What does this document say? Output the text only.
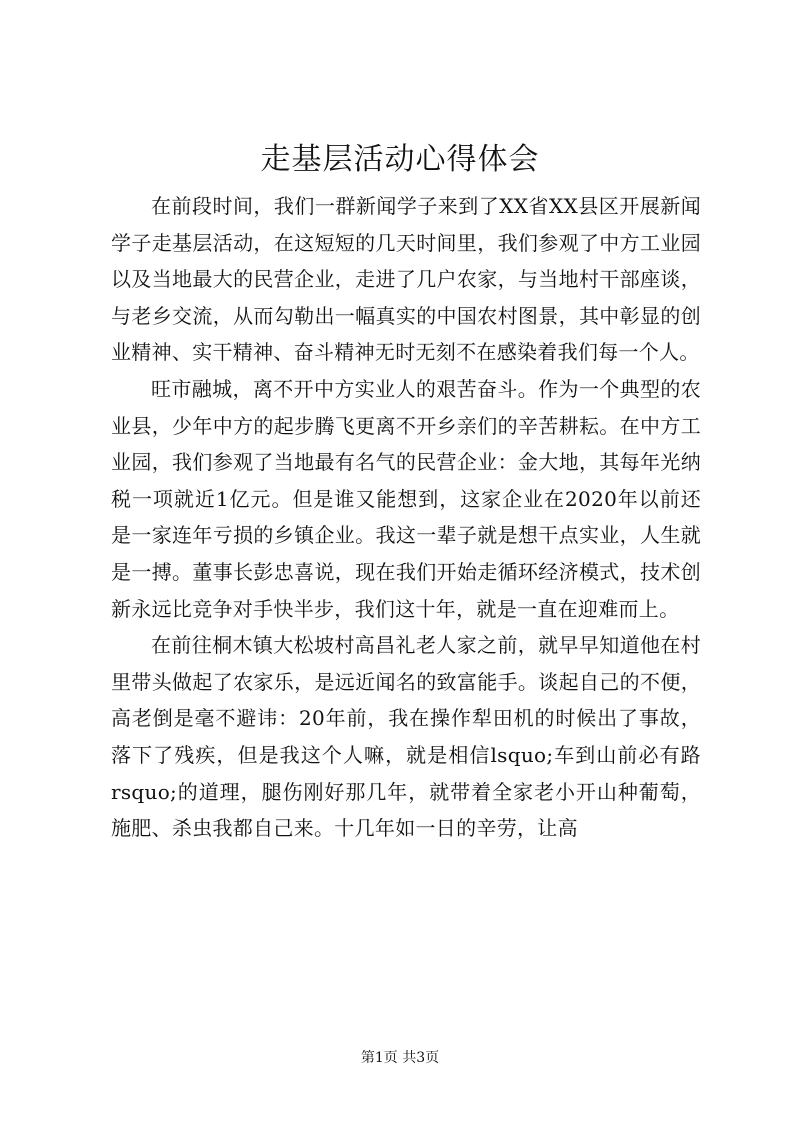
走基层活动心得体会

在前段时间，我们一群新闻学子来到了XX省XX县区开展新闻学子走基层活动，在这短短的几天时间里，我们参观了中方工业园以及当地最大的民营企业，走进了几户农家，与当地村干部座谈，与老乡交流，从而勾勒出一幅真实的中国农村图景，其中彰显的创业精神、实干精神、奋斗精神无时无刻不在感染着我们每一个人。

旺市融城，离不开中方实业人的艰苦奋斗。作为一个典型的农业县，少年中方的起步腾飞更离不开乡亲们的辛苦耕耘。在中方工业园，我们参观了当地最有名气的民营企业：金大地，其每年光纳税一项就近1亿元。但是谁又能想到，这家企业在2020年以前还是一家连年亏损的乡镇企业。我这一辈子就是想干点实业，人生就是一搏。董事长彭忠喜说，现在我们开始走循环经济模式，技术创新永远比竞争对手快半步，我们这十年，就是一直在迎难而上。

在前往桐木镇大松坡村高昌礼老人家之前，就早早知道他在村里带头做起了农家乐，是远近闻名的致富能手。谈起自己的不便，高老倒是毫不避讳：20年前，我在操作犁田机的时候出了事故，落下了残疾，但是我这个人嘛，就是相信lsquo;车到山前必有路rsquo;的道理，腿伤刚好那几年，就带着全家老小开山种葡萄，施肥、杀虫我都自己来。十几年如一日的辛劳，让高

第1页 共3页
